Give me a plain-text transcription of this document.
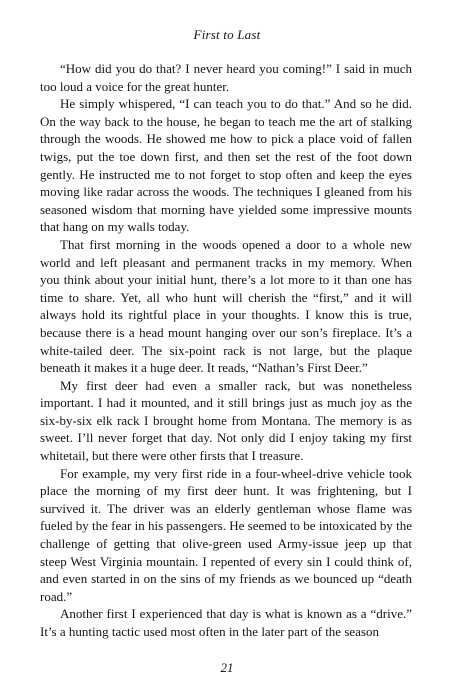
First to Last

“How did you do that? I never heard you coming!” I said in much too loud a voice for the great hunter.

He simply whispered, “I can teach you to do that.” And so he did. On the way back to the house, he began to teach me the art of stalking through the woods. He showed me how to pick a place void of fallen twigs, put the toe down first, and then set the rest of the foot down gently. He instructed me to not forget to stop often and keep the eyes moving like radar across the woods. The techniques I gleaned from his seasoned wisdom that morning have yielded some impressive mounts that hang on my walls today.

That first morning in the woods opened a door to a whole new world and left pleasant and permanent tracks in my memory. When you think about your initial hunt, there’s a lot more to it than one has time to share. Yet, all who hunt will cherish the “first,” and it will always hold its rightful place in your thoughts. I know this is true, because there is a head mount hanging over our son’s fireplace. It’s a white-tailed deer. The six-point rack is not large, but the plaque beneath it makes it a huge deer. It reads, “Nathan’s First Deer.”

My first deer had even a smaller rack, but was nonetheless important. I had it mounted, and it still brings just as much joy as the six-by-six elk rack I brought home from Montana. The memory is as sweet. I’ll never forget that day. Not only did I enjoy taking my first whitetail, but there were other firsts that I treasure.

For example, my very first ride in a four-wheel-drive vehicle took place the morning of my first deer hunt. It was frightening, but I survived it. The driver was an elderly gentleman whose flame was fueled by the fear in his passengers. He seemed to be intoxicated by the challenge of getting that olive-green used Army-issue jeep up that steep West Virginia mountain. I repented of every sin I could think of, and even started in on the sins of my friends as we bounced up “death road.”

Another first I experienced that day is what is known as a “drive.” It’s a hunting tactic used most often in the later part of the season

21
